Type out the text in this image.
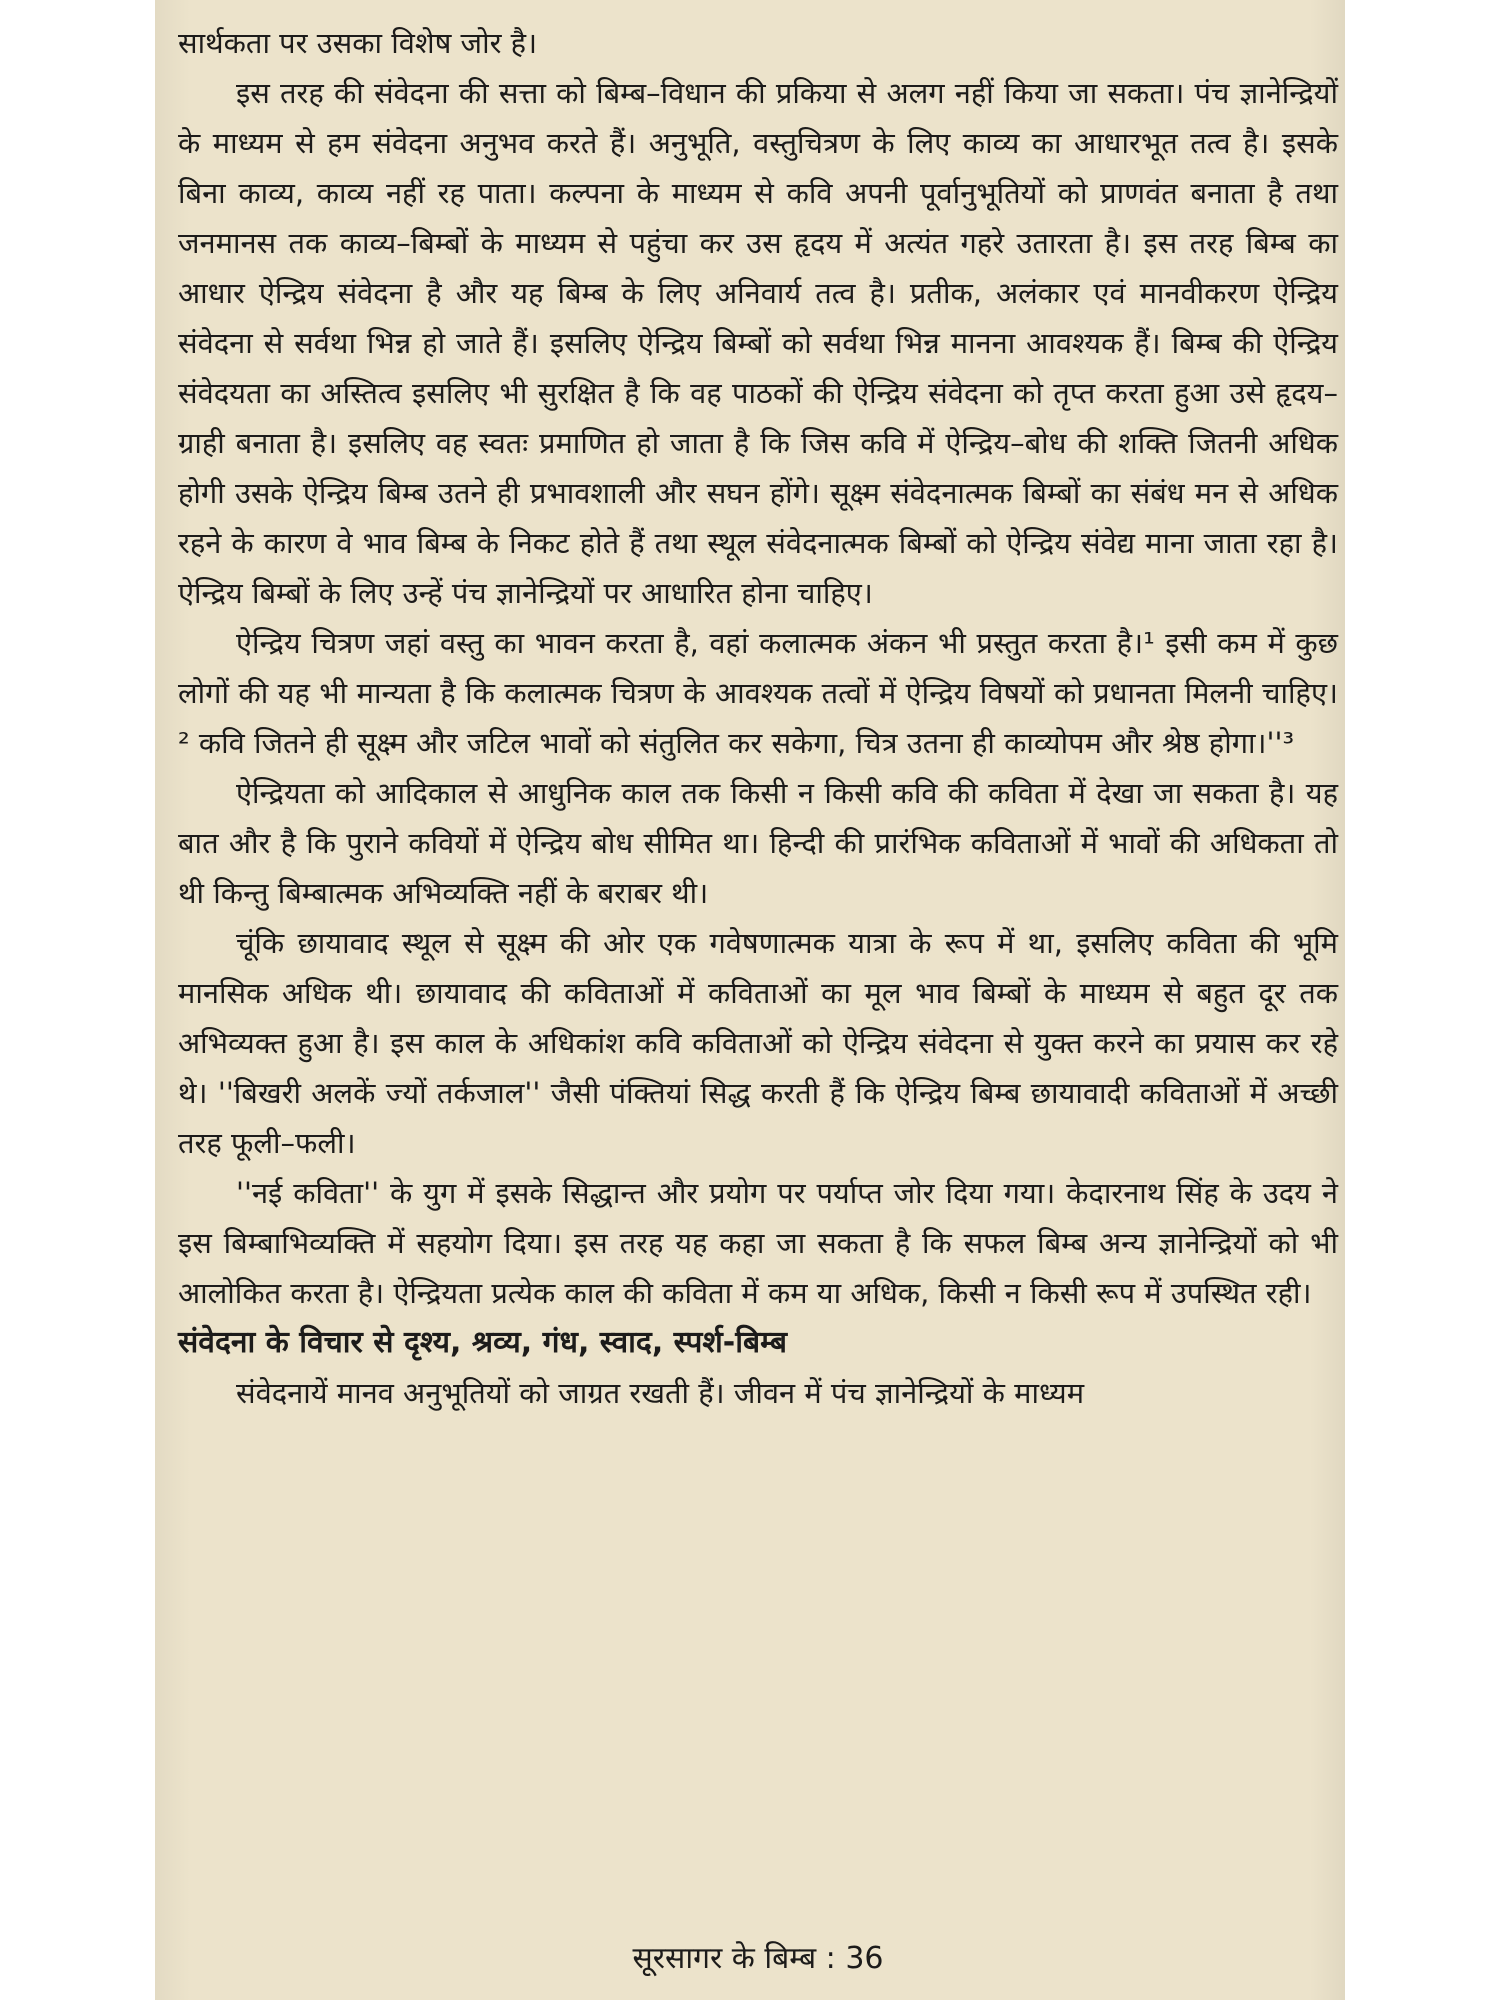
सार्थकता पर उसका विशेष जोर है।

इस तरह की संवेदना की सत्ता को बिम्ब–विधान की प्रकिया से अलग नहीं किया जा सकता। पंच ज्ञानेन्द्रियों के माध्यम से हम संवेदना अनुभव करते हैं। अनुभूति, वस्तुचित्रण के लिए काव्य का आधारभूत तत्व है। इसके बिना काव्य, काव्य नहीं रह पाता। कल्पना के माध्यम से कवि अपनी पूर्वानुभूतियों को प्राणवंत बनाता है तथा जनमानस तक काव्य–बिम्बों के माध्यम से पहुंचा कर उस हृदय में अत्यंत गहरे उतारता है। इस तरह बिम्ब का आधार ऐन्द्रिय संवेदना है और यह बिम्ब के लिए अनिवार्य तत्व है। प्रतीक, अलंकार एवं मानवीकरण ऐन्द्रिय संवेदना से सर्वथा भिन्न हो जाते हैं। इसलिए ऐन्द्रिय बिम्बों को सर्वथा भिन्न मानना आवश्यक हैं। बिम्ब की ऐन्द्रिय संवेदयता का अस्तित्व इसलिए भी सुरक्षित है कि वह पाठकों की ऐन्द्रिय संवेदना को तृप्त करता हुआ उसे हृदय–ग्राही बनाता है। इसलिए वह स्वतः प्रमाणित हो जाता है कि जिस कवि में ऐन्द्रिय–बोध की शक्ति जितनी अधिक होगी उसके ऐन्द्रिय बिम्ब उतने ही प्रभावशाली और सघन होंगे। सूक्ष्म संवेदनात्मक बिम्बों का संबंध मन से अधिक रहने के कारण वे भाव बिम्ब के निकट होते हैं तथा स्थूल संवेदनात्मक बिम्बों को ऐन्द्रिय संवेद्य माना जाता रहा है। ऐन्द्रिय बिम्बों के लिए उन्हें पंच ज्ञानेन्द्रियों पर आधारित होना चाहिए।

ऐन्द्रिय चित्रण जहां वस्तु का भावन करता है, वहां कलात्मक अंकन भी प्रस्तुत करता है।¹ इसी कम में कुछ लोगों की यह भी मान्यता है कि कलात्मक चित्रण के आवश्यक तत्वों में ऐन्द्रिय विषयों को प्रधानता मिलनी चाहिए।² कवि जितने ही सूक्ष्म और जटिल भावों को संतुलित कर सकेगा, चित्र उतना ही काव्योपम और श्रेष्ठ होगा।''³

ऐन्द्रियता को आदिकाल से आधुनिक काल तक किसी न किसी कवि की कविता में देखा जा सकता है। यह बात और है कि पुराने कवियों में ऐन्द्रिय बोध सीमित था। हिन्दी की प्रारंभिक कविताओं में भावों की अधिकता तो थी किन्तु बिम्बात्मक अभिव्यक्ति नहीं के बराबर थी।

चूंकि छायावाद स्थूल से सूक्ष्म की ओर एक गवेषणात्मक यात्रा के रूप में था, इसलिए कविता की भूमि मानसिक अधिक थी। छायावाद की कविताओं में कविताओं का मूल भाव बिम्बों के माध्यम से बहुत दूर तक अभिव्यक्त हुआ है। इस काल के अधिकांश कवि कविताओं को ऐन्द्रिय संवेदना से युक्त करने का प्रयास कर रहे थे। ''बिखरी अलकें ज्यों तर्कजाल'' जैसी पंक्तियां सिद्ध करती हैं कि ऐन्द्रिय बिम्ब छायावादी कविताओं में अच्छी तरह फूली–फली।

''नई कविता'' के युग में इसके सिद्धान्त और प्रयोग पर पर्याप्त जोर दिया गया। केदारनाथ सिंह के उदय ने इस बिम्बाभिव्यक्ति में सहयोग दिया। इस तरह यह कहा जा सकता है कि सफल बिम्ब अन्य ज्ञानेन्द्रियों को भी आलोकित करता है। ऐन्द्रियता प्रत्येक काल की कविता में कम या अधिक, किसी न किसी रूप में उपस्थित रही।

संवेदना के विचार से दृश्य, श्रव्य, गंध, स्वाद, स्पर्श-बिम्ब

संवेदनायें मानव अनुभूतियों को जाग्रत रखती हैं। जीवन में पंच ज्ञानेन्द्रियों के माध्यम

सूरसागर के बिम्ब : 36
